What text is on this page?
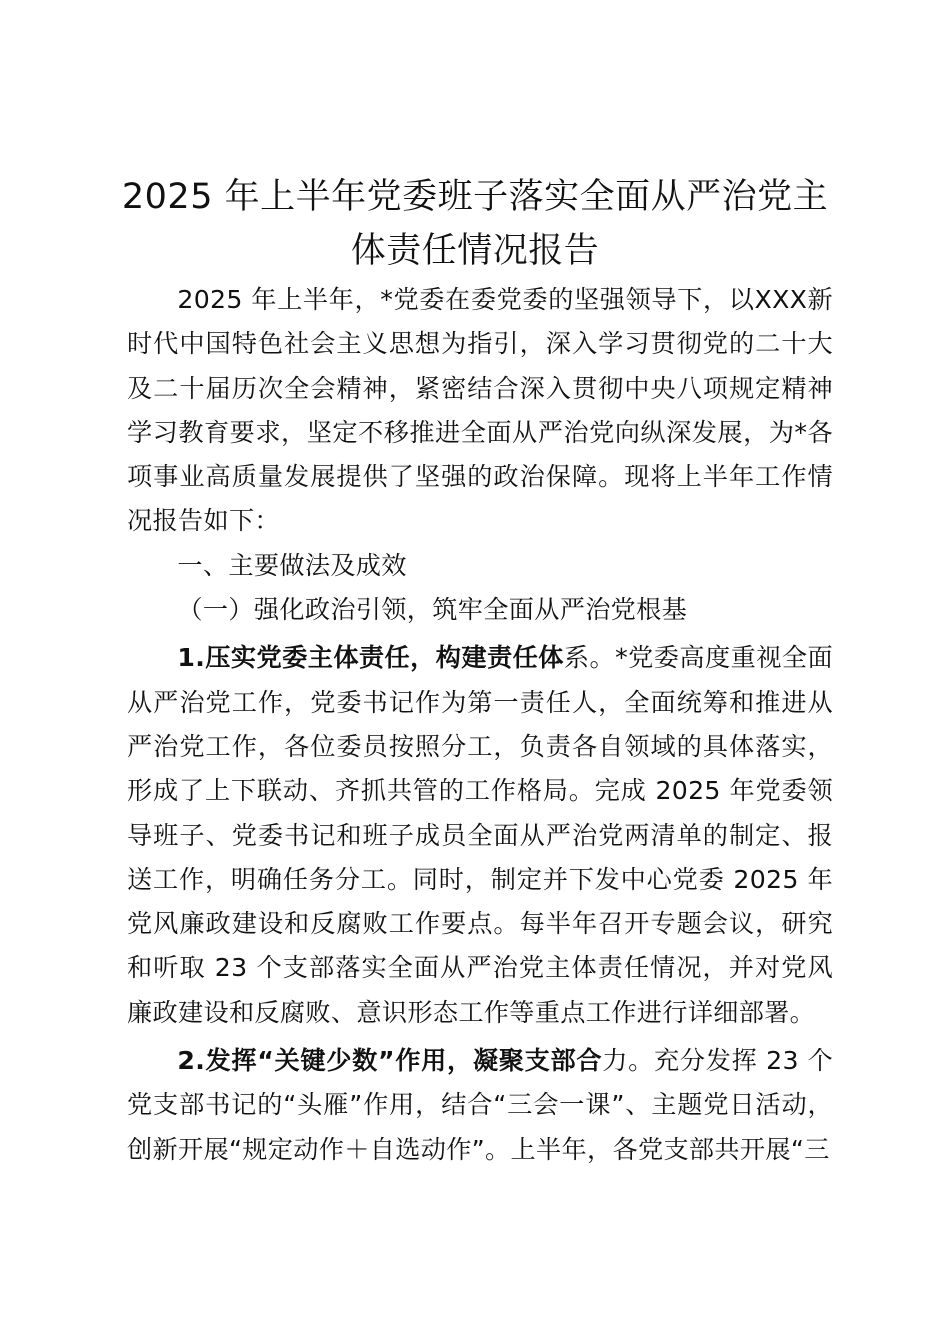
2025 年上半年党委班子落实全面从严治党主体责任情况报告

2025 年上半年，*党委在委党委的坚强领导下，以XXX新时代中国特色社会主义思想为指引，深入学习贯彻党的二十大及二十届历次全会精神，紧密结合深入贯彻中央八项规定精神学习教育要求，坚定不移推进全面从严治党向纵深发展，为*各项事业高质量发展提供了坚强的政治保障。现将上半年工作情况报告如下：

一、主要做法及成效

（一）强化政治引领，筑牢全面从严治党根基

1.压实党委主体责任，构建责任体系。*党委高度重视全面从严治党工作，党委书记作为第一责任人，全面统筹和推进从严治党工作，各位委员按照分工，负责各自领域的具体落实，形成了上下联动、齐抓共管的工作格局。完成 2025 年党委领导班子、党委书记和班子成员全面从严治党两清单的制定、报送工作，明确任务分工。同时，制定并下发中心党委 2025 年党风廉政建设和反腐败工作要点。每半年召开专题会议，研究和听取 23 个支部落实全面从严治党主体责任情况，并对党风廉政建设和反腐败、意识形态工作等重点工作进行详细部署。

2.发挥“关键少数”作用，凝聚支部合力。充分发挥 23 个党支部书记的“头雁”作用，结合“三会一课”、主题党日活动，创新开展“规定动作＋自选动作”。上半年，各党支部共开展“三
